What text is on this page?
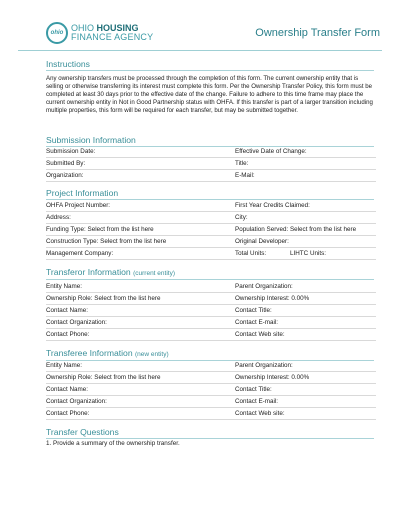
ohio OHIO HOUSING
FINANCE AGENCY	Ownership Transfer Form
Instructions
Any ownership transfers must be processed through the completion of this form. The current ownership entity that is selling or otherwise transferring its interest must complete this form. Per the Ownership Transfer Policy, this form must be completed at least 30 days prior to the effective date of the change. Failure to adhere to this time frame may place the current ownership entity in Not in Good Partnership status with OHFA. If this transfer is part of a larger transition including multiple properties, this form will be required for each transfer, but may be submitted together.
Submission Information
Submission Date:	Effective Date of Change:
Submitted By:	Title:
Organization:	E-Mail:
Project Information
OHFA Project Number:	First Year Credits Claimed:
Address:	City:
Funding Type: Select from the list here	Population Served: Select from the list here
Construction Type: Select from the list here	Original Developer:
Management Company:	Total Units:	LIHTC Units:
Transferor Information (current entity)
Entity Name:	Parent Organization:
Ownership Role: Select from the list here	Ownership Interest: 0.00%
Contact Name:	Contact Title:
Contact Organization:	Contact E-mail:
Contact Phone:	Contact Web site:
Transferee Information (new entity)
Entity Name:	Parent Organization:
Ownership Role: Select from the list here	Ownership Interest: 0.00%
Contact Name:	Contact Title:
Contact Organization:	Contact E-mail:
Contact Phone:	Contact Web site:
Transfer Questions
1. Provide a summary of the ownership transfer.
